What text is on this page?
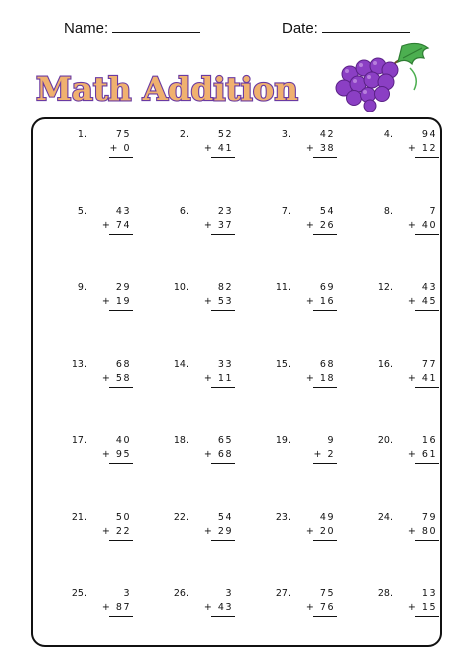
Name:	Date:
Math Addition
1.	75
+ 0
2.	52
+ 41
3.	42
+ 38
4.	94
+ 12
5.	43
+ 74
6.	23
+ 37
7.	54
+ 26
8.	7
+ 40
9.	29
+ 19
10.	82
+ 53
11.	69
+ 16
12.	43
+ 45
13.	68
+ 58
14.	33
+ 11
15.	68
+ 18
16.	77
+ 41
17.	40
+ 95
18.	65
+ 68
19.	9
+ 2
20.	16
+ 61
21.	50
+ 22
22.	54
+ 29
23.	49
+ 20
24.	79
+ 80
25.	3
+ 87
26.	3
+ 43
27.	75
+ 76
28.	13
+ 15
